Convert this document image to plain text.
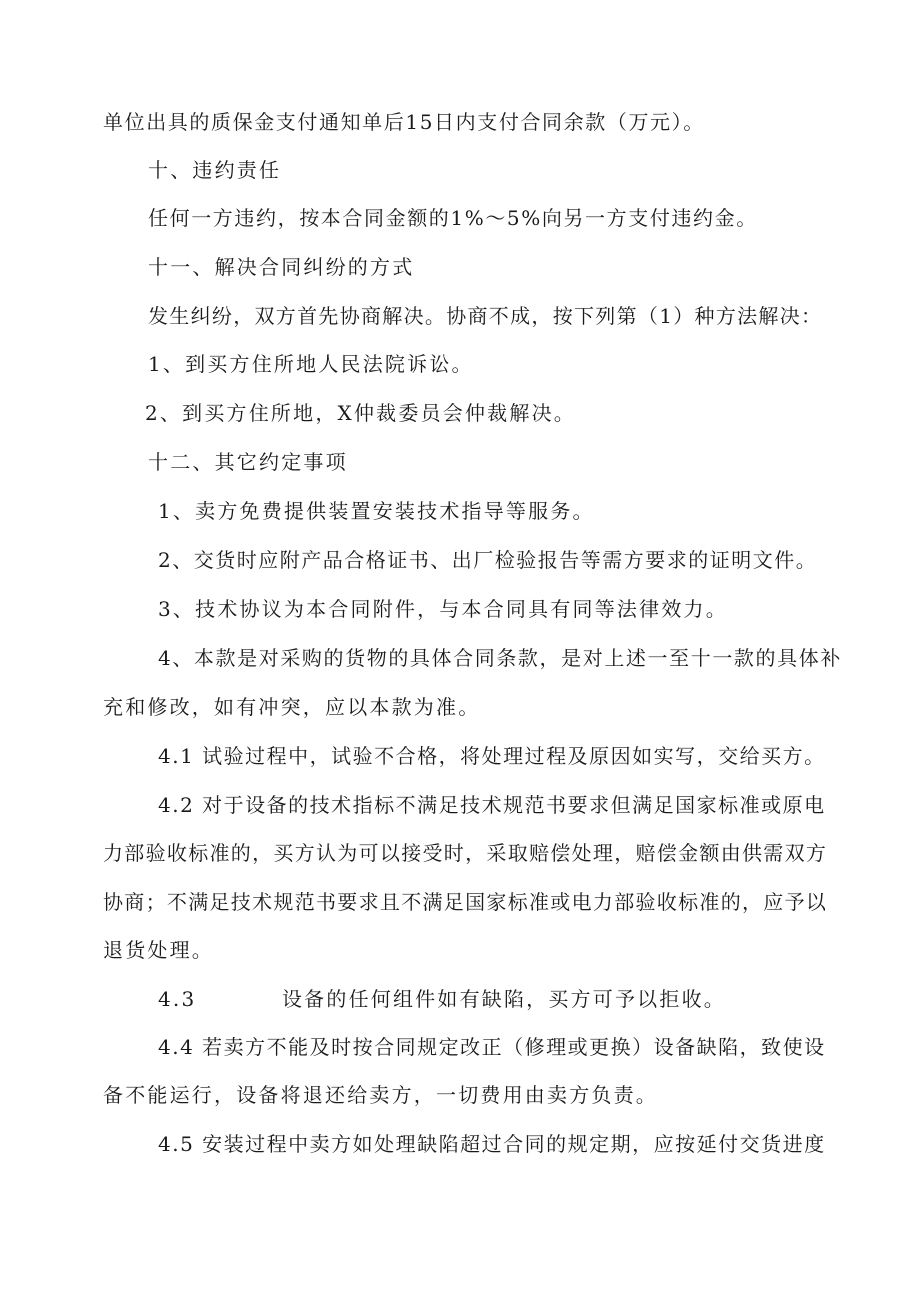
单位出具的质保金支付通知单后15日内支付合同余款（万元）。
十、违约责任
任何一方违约，按本合同金额的1%～5%向另一方支付违约金。
十一、解决合同纠纷的方式
发生纠纷，双方首先协商解决。协商不成，按下列第（1）种方法解决：
1、到买方住所地人民法院诉讼。
2、到买方住所地，X仲裁委员会仲裁解决。
十二、其它约定事项
1、卖方免费提供装置安装技术指导等服务。
2、交货时应附产品合格证书、出厂检验报告等需方要求的证明文件。
3、技术协议为本合同附件，与本合同具有同等法律效力。
4、本款是对采购的货物的具体合同条款，是对上述一至十一款的具体补
充和修改，如有冲突，应以本款为准。
4.1 试验过程中，试验不合格，将处理过程及原因如实写，交给买方。
4.2 对于设备的技术指标不满足技术规范书要求但满足国家标准或原电
力部验收标准的，买方认为可以接受时，采取赔偿处理，赔偿金额由供需双方
协商；不满足技术规范书要求且不满足国家标准或电力部验收标准的，应予以
退货处理。
4.3          设备的任何组件如有缺陷，买方可予以拒收。
4.4 若卖方不能及时按合同规定改正（修理或更换）设备缺陷，致使设
备不能运行，设备将退还给卖方，一切费用由卖方负责。
4.5 安装过程中卖方如处理缺陷超过合同的规定期，应按延付交货进度
